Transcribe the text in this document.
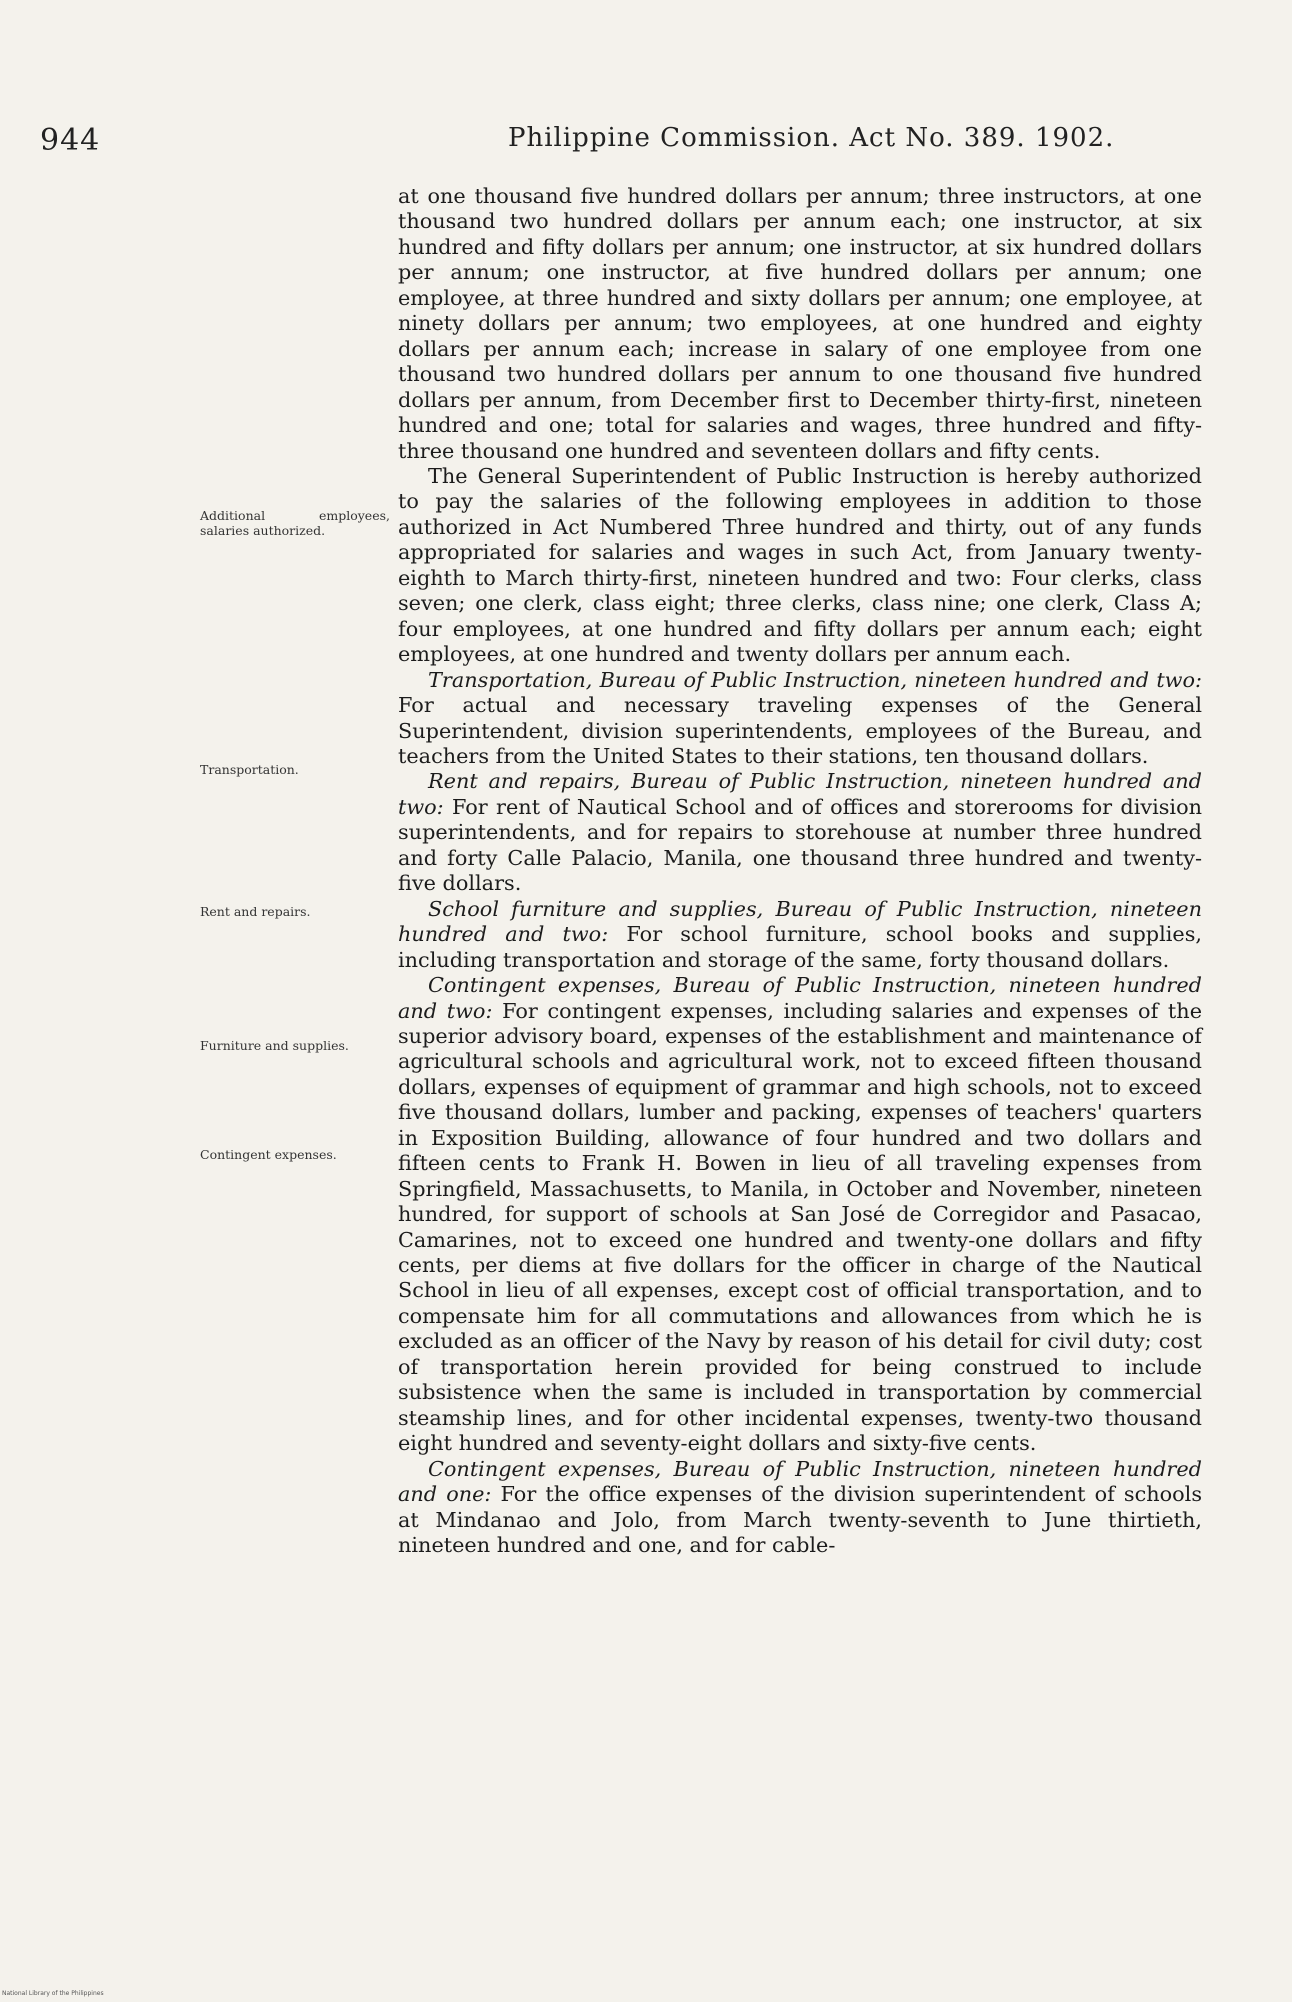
944	Philippine Commission. Act No. 389. 1902.
Additional employees, salaries authorized.
Transportation.
Rent and repairs.
Furniture and supplies.
Contingent expenses.

at one thousand five hundred dollars per annum; three instructors, at one thousand two hundred dollars per annum each; one instructor, at six hundred and fifty dollars per annum; one instructor, at six hundred dollars per annum; one instructor, at five hundred dollars per annum; one employee, at three hundred and sixty dollars per annum; one employee, at ninety dollars per annum; two employees, at one hundred and eighty dollars per annum each; increase in salary of one employee from one thousand two hundred dollars per annum to one thousand five hundred dollars per annum, from December first to December thirty-first, nineteen hundred and one; total for salaries and wages, three hundred and fifty-three thousand one hundred and seventeen dollars and fifty cents.

The General Superintendent of Public Instruction is hereby authorized to pay the salaries of the following employees in addition to those authorized in Act Numbered Three hundred and thirty, out of any funds appropriated for salaries and wages in such Act, from January twenty-eighth to March thirty-first, nineteen hundred and two: Four clerks, class seven; one clerk, class eight; three clerks, class nine; one clerk, Class A; four employees, at one hundred and fifty dollars per annum each; eight employees, at one hundred and twenty dollars per annum each.

Transportation, Bureau of Public Instruction, nineteen hundred and two: For actual and necessary traveling expenses of the General Superintendent, division superintendents, employees of the Bureau, and teachers from the United States to their stations, ten thousand dollars.

Rent and repairs, Bureau of Public Instruction, nineteen hundred and two: For rent of Nautical School and of offices and storerooms for division superintendents, and for repairs to storehouse at number three hundred and forty Calle Palacio, Manila, one thousand three hundred and twenty-five dollars.

School furniture and supplies, Bureau of Public Instruction, nineteen hundred and two: For school furniture, school books and supplies, including transportation and storage of the same, forty thousand dollars.

Contingent expenses, Bureau of Public Instruction, nineteen hundred and two: For contingent expenses, including salaries and expenses of the superior advisory board, expenses of the establishment and maintenance of agricultural schools and agricultural work, not to exceed fifteen thousand dollars, expenses of equipment of grammar and high schools, not to exceed five thousand dollars, lumber and packing, expenses of teachers' quarters in Exposition Building, allowance of four hundred and two dollars and fifteen cents to Frank H. Bowen in lieu of all traveling expenses from Springfield, Massachusetts, to Manila, in October and November, nineteen hundred, for support of schools at San José de Corregidor and Pasacao, Camarines, not to exceed one hundred and twenty-one dollars and fifty cents, per diems at five dollars for the officer in charge of the Nautical School in lieu of all expenses, except cost of official transportation, and to compensate him for all commutations and allowances from which he is excluded as an officer of the Navy by reason of his detail for civil duty; cost of transportation herein provided for being construed to include subsistence when the same is included in transportation by commercial steamship lines, and for other incidental expenses, twenty-two thousand eight hundred and seventy-eight dollars and sixty-five cents.

Contingent expenses, Bureau of Public Instruction, nineteen hundred and one: For the office expenses of the division superintendent of schools at Mindanao and Jolo, from March twenty-seventh to June thirtieth, nineteen hundred and one, and for cable-

National Library of the Philippines
